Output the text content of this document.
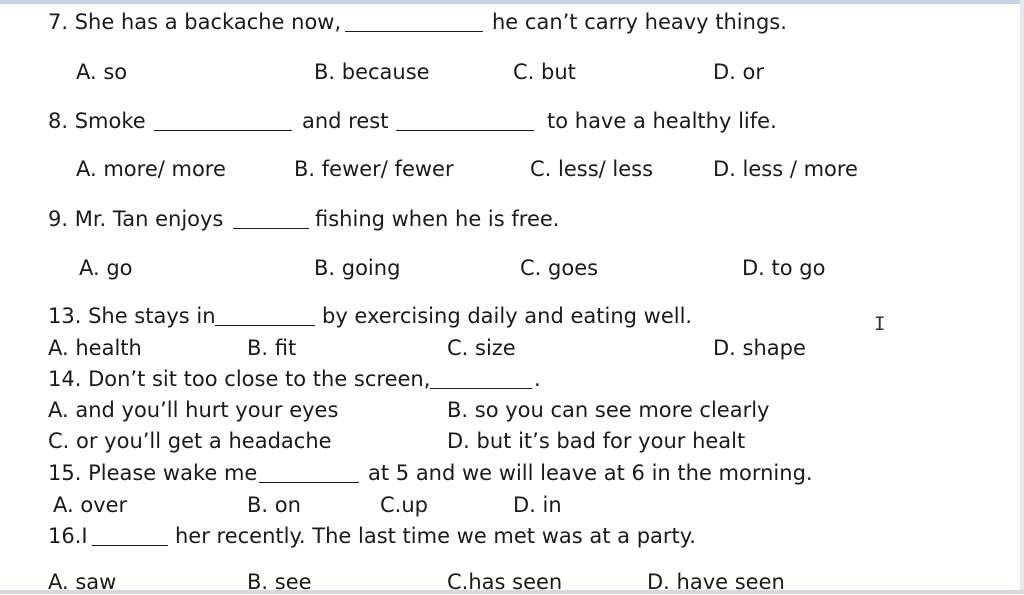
7. She has a backache now,	he can’t carry heavy things.
A. so	B. because	C. but	D. or
8. Smoke	and rest	to have a healthy life.
A. more/ more	B. fewer/ fewer	C. less/ less	D. less / more
9. Mr. Tan enjoys	fishing when he is free.
A. go	B. going	C. goes	D. to go
13. She stays in	by exercising daily and eating well.
A. health	B. fit	C. size	D. shape
14. Don’t sit too close to the screen,	.
A. and you’ll hurt your eyes	B. so you can see more clearly
C. or you’ll get a headache	D. but it’s bad for your healt
15. Please wake me	at 5 and we will leave at 6 in the morning.
A. over	B. on	C.up	D. in
16.I	her recently. The last time we met was at a party.
A. saw	B. see	C.has seen	D. have seen
I
